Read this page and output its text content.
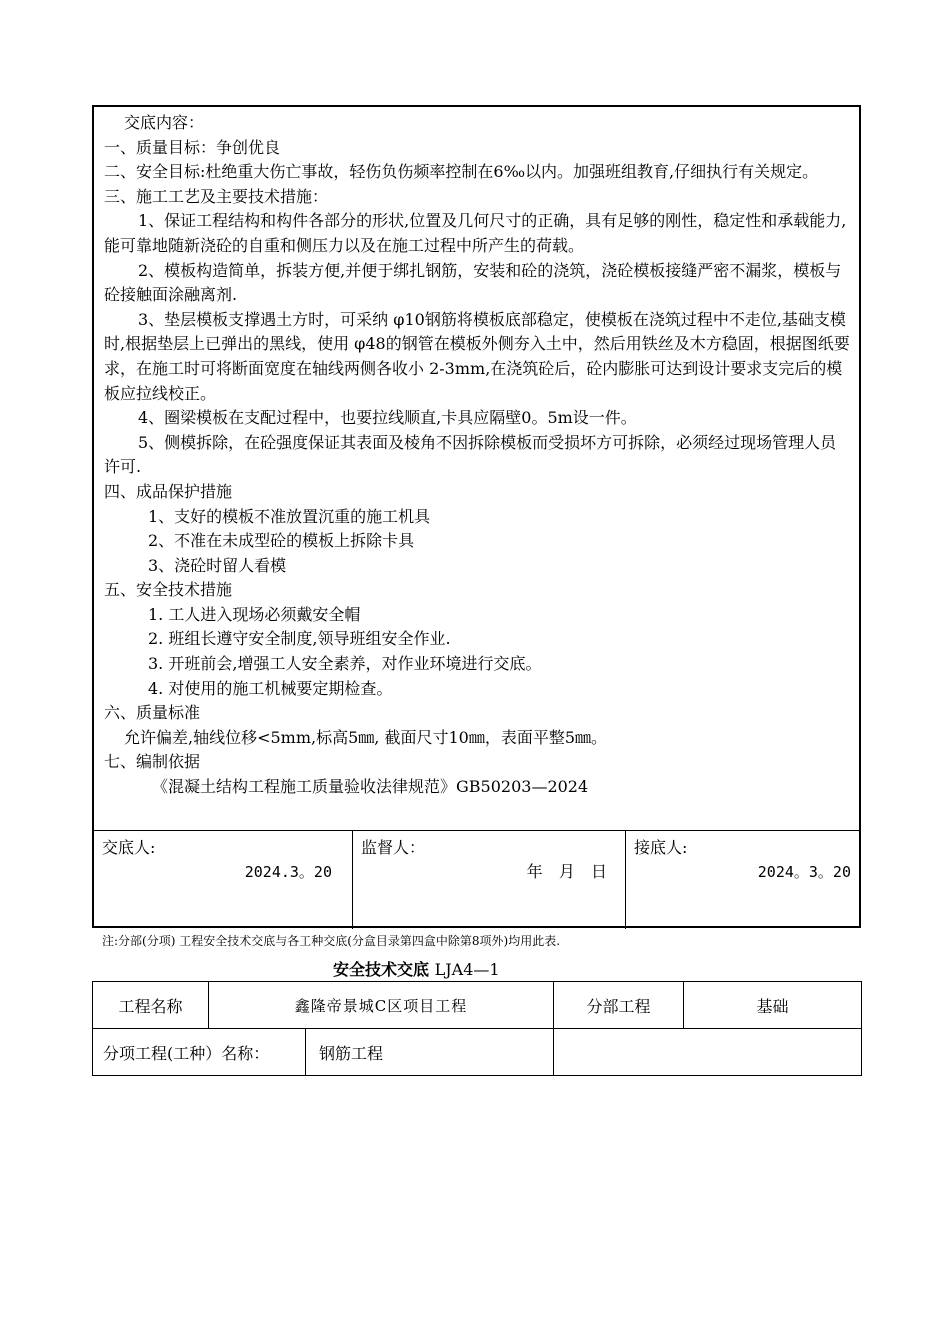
交底内容：

一、质量目标：争创优良

二、安全目标:杜绝重大伤亡事故，轻伤负伤频率控制在6‰以内。加强班组教育,仔细执行有关规定。

三、施工工艺及主要技术措施：

1、保证工程结构和构件各部分的形状,位置及几何尺寸的正确，具有足够的刚性，稳定性和承载能力,能可靠地随新浇砼的自重和侧压力以及在施工过程中所产生的荷载。

2、模板构造简单，拆装方便,并便于绑扎钢筋，安装和砼的浇筑，浇砼模板接缝严密不漏浆，模板与砼接触面涂融离剂.

3、垫层模板支撑遇土方时，可采纳 φ10钢筋将模板底部稳定，使模板在浇筑过程中不走位,基础支模时,根据垫层上已弹出的黑线，使用 φ48的钢管在模板外侧夯入土中，然后用铁丝及木方稳固，根据图纸要求，在施工时可将断面宽度在轴线两侧各收小 2-3mm,在浇筑砼后，砼内膨胀可达到设计要求支完后的模板应拉线校正。

4、圈梁模板在支配过程中，也要拉线顺直,卡具应隔壁0。5m设一件。

5、侧模拆除，在砼强度保证其表面及棱角不因拆除模板而受损坏方可拆除，必须经过现场管理人员许可.

四、成品保护措施

1、支好的模板不准放置沉重的施工机具

2、不准在未成型砼的模板上拆除卡具

3、浇砼时留人看模

五、安全技术措施

1. 工人进入现场必须戴安全帽

2. 班组长遵守安全制度,领导班组安全作业.

3. 开班前会,增强工人安全素养，对作业环境进行交底。

4. 对使用的施工机械要定期检查。

六、质量标准

允许偏差,轴线位移<5mm,标高5㎜, 截面尺寸10㎜，表面平整5㎜。

七、编制依据

《混凝土结构工程施工质量验收法律规范》GB50203—2024

交底人:
2024.3。20
监督人：
年  月  日
接底人:
2024。3。20
注:分部(分项) 工程安全技术交底与各工种交底(分盒目录第四盒中除第8项外)均用此表.
安全技术交底 LJA4—1
工程名称	鑫隆帝景城C区项目工程	分部工程	基础

分项工程(工种）名称： 钢筋工程			
